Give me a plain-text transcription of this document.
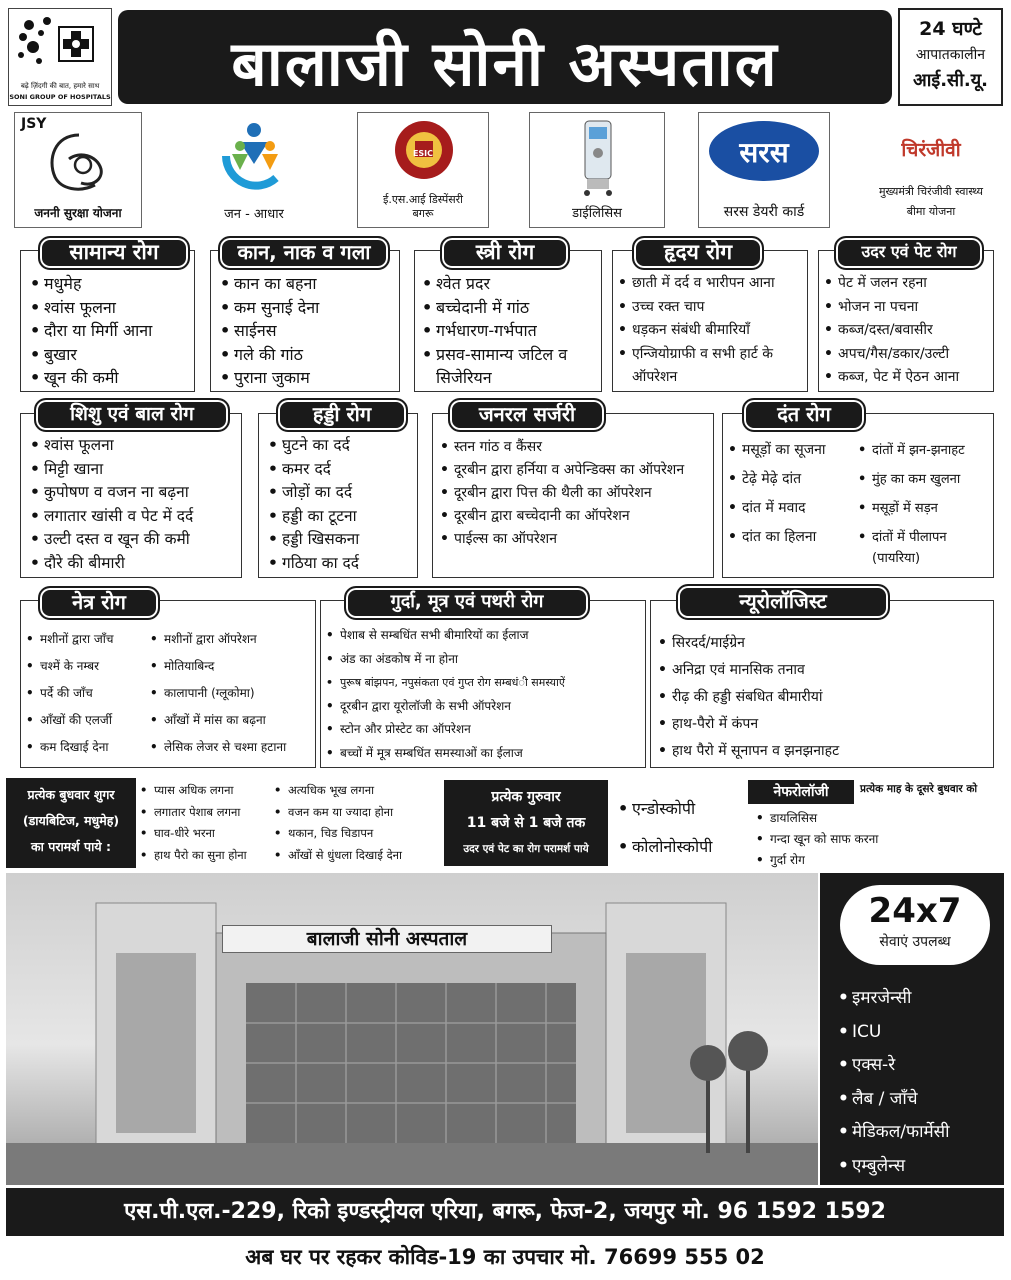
बढ़े ज़िंदगी की बात, हमारे साथ
SONI GROUP OF HOSPITALS	बालाजी सोनी अस्पताल	24 घण्टे
आपातकालीन
आई.सी.यू.
JSY
जननी सुरक्षा योजना	जन - आधार
ESIC
ई.एस.आई डिस्पेंसरी बगरू	डाईलिसिस
सरस
सरस डेयरी कार्ड
चिरंजीवी
मुख्यमंत्री चिरंजीवी स्वास्थ्य बीमा योजना
सामान्य रोग
• मधुमेह
• श्वांस फूलना
• दौरा या मिर्गी आना
• बुखार
• खून की कमी
कान, नाक व गला
• कान का बहना
• कम सुनाई देना
• साईनस
• गले की गांठ
• पुराना जुकाम
स्त्री रोग
• श्वेत प्रदर
• बच्चेदानी में गांठ
• गर्भधारण-गर्भपात
• प्रसव-सामान्य जटिल व सिजेरियन
हृदय रोग
• छाती में दर्द व भारीपन आना
• उच्च रक्त चाप
• धड़कन संबंधी बीमारियाँ
• एन्जियोग्राफी व सभी हार्ट के ऑपरेशन
उदर एवं पेट रोग
• पेट में जलन रहना
• भोजन ना पचना
• कब्ज/दस्त/बवासीर
• अपच/गैस/डकार/उल्टी
• कब्ज, पेट में ऐठन आना
शिशु एवं बाल रोग
• श्वांस फूलना
• मिट्टी खाना
• कुपोषण व वजन ना बढ़ना
• लगातार खांसी व पेट में दर्द
• उल्टी दस्त व खून की कमी
• दौरे की बीमारी
हड्डी रोग
• घुटने का दर्द
• कमर दर्द
• जोड़ों का दर्द
• हड्डी का टूटना
• हड्डी खिसकना
• गठिया का दर्द
जनरल सर्जरी
• स्तन गांठ व कैंसर
• दूरबीन द्वारा हर्निया व अपेन्डिक्स का ऑपरेशन
• दूरबीन द्वारा पित्त की थैली का ऑपरेशन
• दूरबीन द्वारा बच्चेदानी का ऑपरेशन
• पाईल्स का ऑपरेशन
दंत रोग
• मसूड़ों का सूजना
• टेढ़े मेढ़े दांत
• दांत में मवाद
• दांत का हिलना
• दांतों में झन-झनाहट
• मुंह का कम खुलना
• मसूड़ों में सड़न
• दांतों में पीलापन
(पायरिया)
नेत्र रोग
• मशीनों द्वारा जाँच
• चश्में के नम्बर
• पर्दे की जाँच
• आँखों की एलर्जी
• कम दिखाई देना
• मशीनों द्वारा ऑपरेशन
• मोतियाबिन्द
• कालापानी (ग्लूकोमा)
• आँखों में मांस का बढ़ना
• लेसिक लेजर से चश्मा हटाना
गुर्दा, मूत्र एवं पथरी रोग
• पेशाब से सम्बधिंत सभी बीमारियों का ईलाज
• अंड का अंडकोष में ना होना
• पुरूष बांझपन, नपुसंकता एवं गुप्त रोग सम्बधंी समस्याऐं
• दूरबीन द्वारा यूरोलॉजी के सभी ऑपरेशन
• स्टोन और प्रोस्टेट का ऑपरेशन
• बच्चों में मूत्र सम्बधिंत समस्याओं का ईलाज
न्यूरोलॉजिस्ट
• सिरदर्द/माईग्रेन
• अनिद्रा एवं मानसिक तनाव
• रीढ़ की हड्डी संबधित बीमारीयां
• हाथ-पैरो में कंपन
• हाथ पैरो में सूनापन व झनझनाहट
प्रत्येक बुधवार शुगर
(डायबिटिज, मधुमेह)
का परामर्श पाये :
• प्यास अधिक लगना
• लगातार पेशाब लगना
• घाव-धीरे भरना
• हाथ पैरो का सुना होना
• अत्यधिक भूख लगना
• वजन कम या ज्यादा होना
• थकान, चिड चिडापन
• आँखों से धुंधला दिखाई देना
प्रत्येक गुरुवार
11 बजे से 1 बजे तक
उदर एवं पेट का रोग परामर्श पाये
• एन्डोस्कोपी
• कोलोनोस्कोपी
नेफरोलॉजी	प्रत्येक माह के दूसरे बुधवार को
• डायलिसिस
• गन्दा खून को साफ करना
• गुर्दा रोग
बालाजी सोनी अस्पताल
24x7
सेवाएं उपलब्ध
• इमरजेन्सी
• ICU
• एक्स-रे
• लैब / जाँचे
• मेडिकल/फार्मेसी
• एम्बुलेन्स
एस.पी.एल.-229, रिको इण्डस्ट्रीयल एरिया, बगरू, फेज-2, जयपुर मो. 96 1592 1592
अब घर पर रहकर कोविड-19 का उपचार मो. 76699 555 02
